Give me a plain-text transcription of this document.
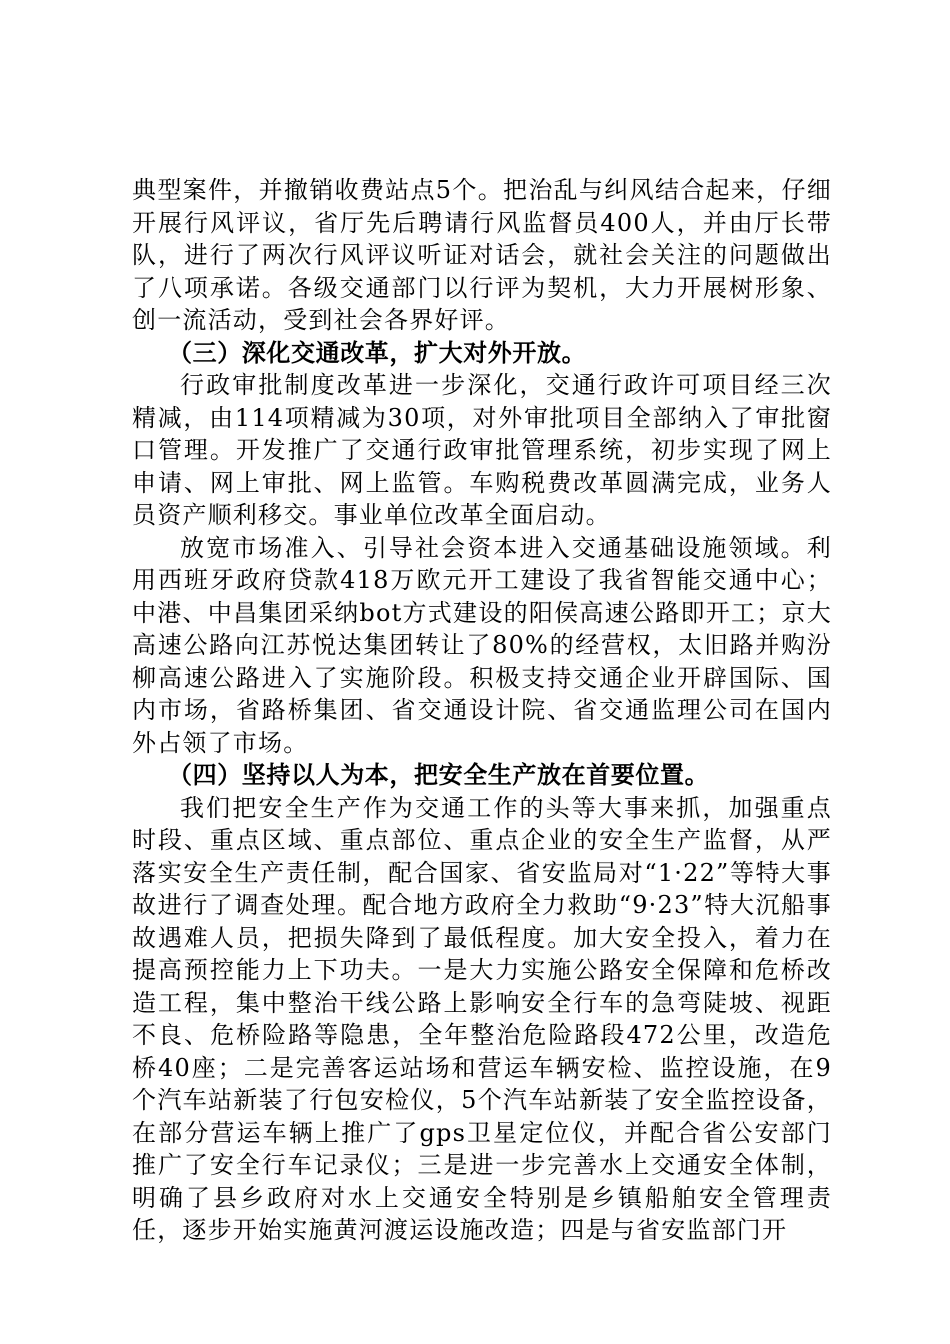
典型案件，并撤销收费站点5个。把治乱与纠风结合起来，仔细开展行风评议，省厅先后聘请行风监督员400人，并由厅长带队，进行了两次行风评议听证对话会，就社会关注的问题做出了八项承诺。各级交通部门以行评为契机，大力开展树形象、创一流活动，受到社会各界好评。

（三）深化交通改革，扩大对外开放。

行政审批制度改革进一步深化，交通行政许可项目经三次精减，由114项精减为30项，对外审批项目全部纳入了审批窗口管理。开发推广了交通行政审批管理系统，初步实现了网上申请、网上审批、网上监管。车购税费改革圆满完成，业务人员资产顺利移交。事业单位改革全面启动。

放宽市场准入、引导社会资本进入交通基础设施领域。利用西班牙政府贷款418万欧元开工建设了我省智能交通中心；中港、中昌集团采纳bot方式建设的阳侯高速公路即开工；京大高速公路向江苏悦达集团转让了80%的经营权，太旧路并购汾柳高速公路进入了实施阶段。积极支持交通企业开辟国际、国内市场，省路桥集团、省交通设计院、省交通监理公司在国内外占领了市场。

（四）坚持以人为本，把安全生产放在首要位置。

我们把安全生产作为交通工作的头等大事来抓，加强重点时段、重点区域、重点部位、重点企业的安全生产监督，从严落实安全生产责任制，配合国家、省安监局对“1·22”等特大事故进行了调查处理。配合地方政府全力救助“9·23”特大沉船事故遇难人员，把损失降到了最低程度。加大安全投入，着力在提高预控能力上下功夫。一是大力实施公路安全保障和危桥改造工程，集中整治干线公路上影响安全行车的急弯陡坡、视距不良、危桥险路等隐患，全年整治危险路段472公里，改造危桥40座；二是完善客运站场和营运车辆安检、监控设施，在9个汽车站新装了行包安检仪，5个汽车站新装了安全监控设备，在部分营运车辆上推广了gps卫星定位仪，并配合省公安部门推广了安全行车记录仪；三是进一步完善水上交通安全体制，明确了县乡政府对水上交通安全特别是乡镇船舶安全管理责任，逐步开始实施黄河渡运设施改造；四是与省安监部门开
